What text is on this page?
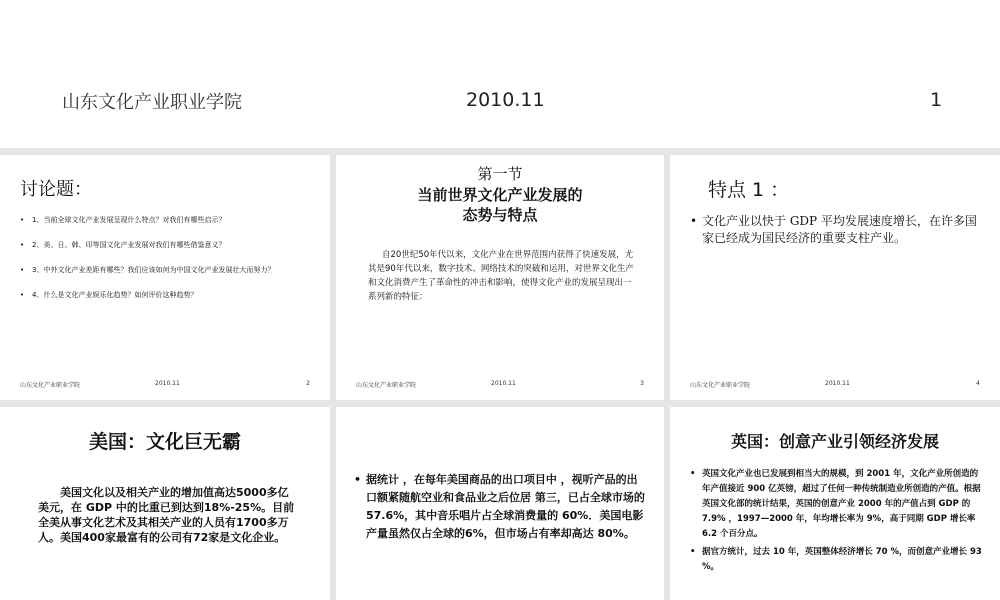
山东文化产业职业学院	2010.11	1
讨论题：
• 1、当前全球文化产业发展呈现什么特点？对我们有哪些启示？
• 2、美、日、韩、印等国文化产业发展对我们有哪些借鉴意义？
• 3、中外文化产业差距有哪些？我们应该如何为中国文化产业发展壮大而努力？
• 4、什么是文化产业娱乐化趋势？如何评价这种趋势？
山东文化产业职业学院	2010.11	2
第一节
当前世界文化产业发展的
态势与特点
自20世纪50年代以来，文化产业在世界范围内获得了快速发展，尤其是90年代以来，数字技术、网络技术的突破和运用，对世界文化生产和文化消费产生了革命性的冲击和影响，使得文化产业的发展呈现出一系列新的特征：
山东文化产业职业学院	2010.11	3
特点 1 ：
• 文化产业以快于 GDP 平均发展速度增长，在许多国家已经成为国民经济的重要支柱产业。
山东文化产业职业学院	2010.11	4
美国：文化巨无霸
美国文化以及相关产业的增加值高达5000多亿美元，在 GDP 中的比重已到达到18%-25%。目前全美从事文化艺术及其相关产业的人员有1700多万人。美国400家最富有的公司有72家是文化企业。
• 据统计 ，在每年美国商品的出口项目中 ，视听产品的出口额紧随航空业和食品业之后位居 第三，已占全球市场的 57.6%，其中音乐唱片占全球消费量的 60%．美国电影产量虽然仅占全球的6%，但市场占有率却高达 80%。
英国：创意产业引领经济发展
• 英国文化产业也已发展到相当大的规模，到 2001 年，文化产业所创造的年产值接近 900 亿英镑，超过了任何一种传统制造业所创造的产值。根据英国文化部的统计结果，英国的创意产业 2000 年的产值占到 GDP 的 7.9% ，1997—2000 年，年均增长率为 9%，高于同期 GDP 增长率 6.2 个百分点。
• 据官方统计，过去 10 年，英国整体经济增长 70 %，而创意产业增长 93 %。
